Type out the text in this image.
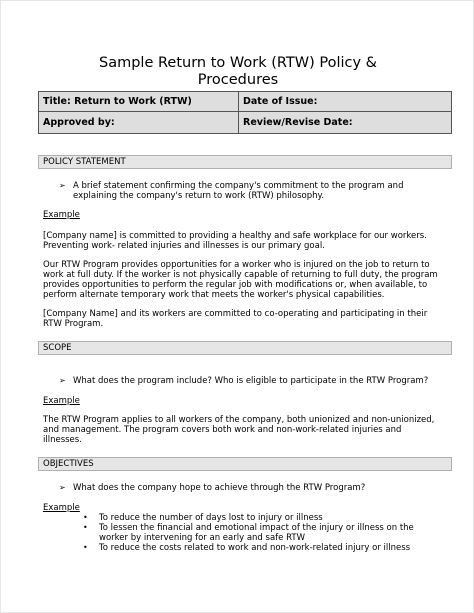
Sample Return to Work (RTW) Policy &
Procedures
Title: Return to Work (RTW)	Date of Issue:
Approved by:	Review/Revise Date:
POLICY STATEMENT
➢ A brief statement confirming the company's commitment to the program and
explaining the company's return to work (RTW) philosophy.
Example
[Company name] is committed to providing a healthy and safe workplace for our workers.
Preventing work- related injuries and illnesses is our primary goal.
Our RTW Program provides opportunities for a worker who is injured on the job to return to
work at full duty. If the worker is not physically capable of returning to full duty, the program
provides opportunities to perform the regular job with modifications or, when available, to
perform alternate temporary work that meets the worker's physical capabilities.
[Company Name] and its workers are committed to co-operating and participating in their
RTW Program.
SCOPE
➢ What does the program include? Who is eligible to participate in the RTW Program?
Example
The RTW Program applies to all workers of the company, both unionized and non-unionized,
and management. The program covers both work and non-work-related injuries and
illnesses.
OBJECTIVES
➢ What does the company hope to achieve through the RTW Program?
Example
• To reduce the number of days lost to injury or illness
• To lessen the financial and emotional impact of the injury or illness on the
worker by intervening for an early and safe RTW
• To reduce the costs related to work and non-work-related injury or illness
